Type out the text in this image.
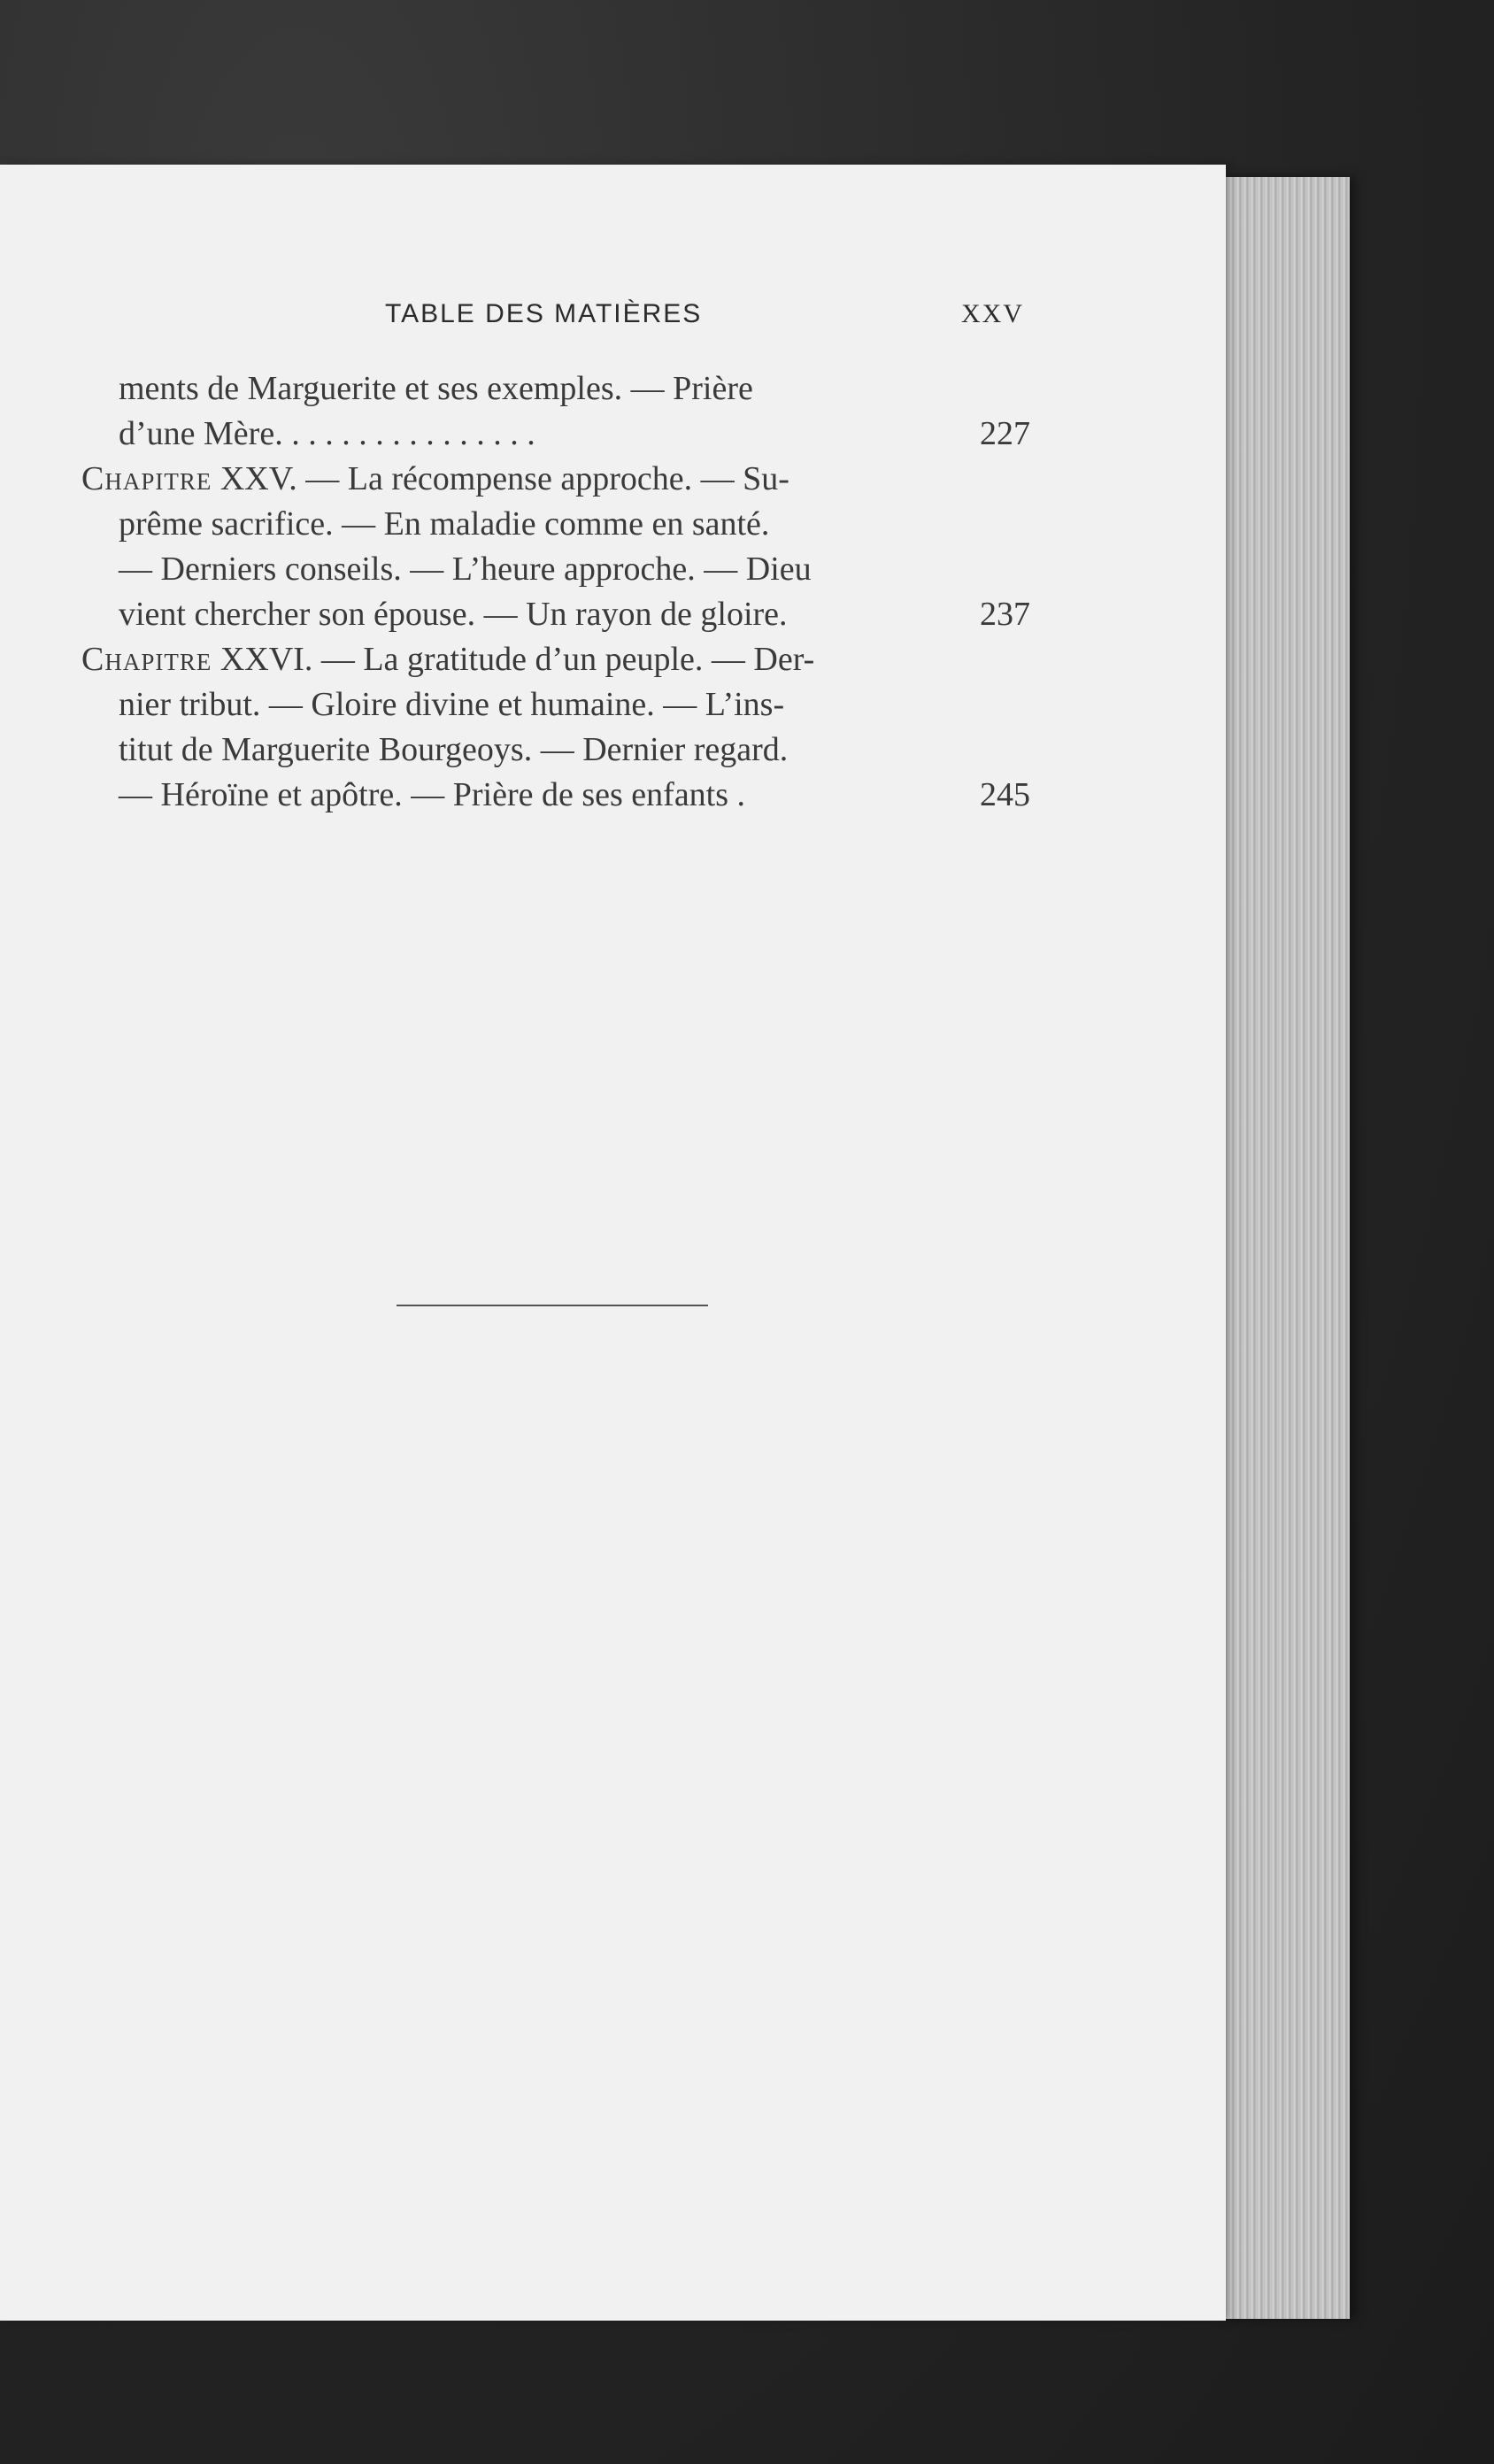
TABLE DES MATIÈRES	XXV
ments de Marguerite et ses exemples. — Prière
d’une Mère. . . . . . . . . . . . . . . .	227
Chapitre XXV. — La récompense approche. — Su-
prême sacrifice. — En maladie comme en santé.
— Derniers conseils. — L’heure approche. — Dieu
vient chercher son épouse. — Un rayon de gloire.	237
Chapitre XXVI. — La gratitude d’un peuple. — Der-
nier tribut. — Gloire divine et humaine. — L’ins-
titut de Marguerite Bourgeoys. — Dernier regard.
— Héroïne et apôtre. — Prière de ses enfants .	245
